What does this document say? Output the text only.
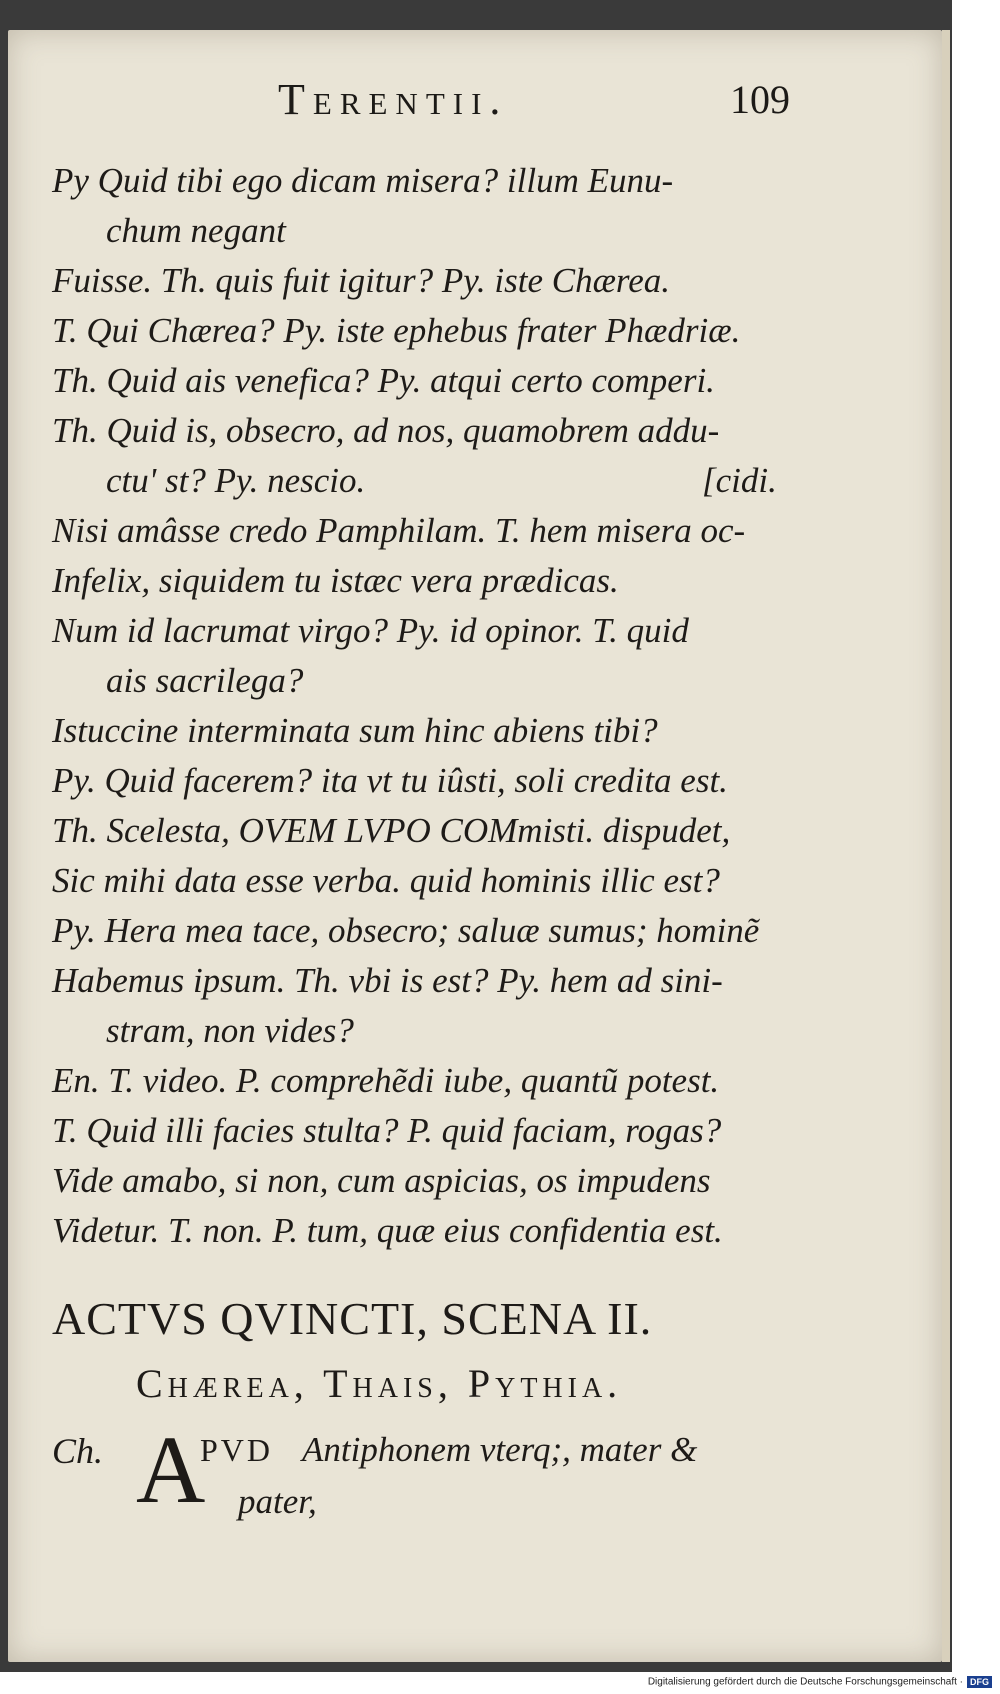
Terentii.	109
Py Quid tibi ego dicam misera? illum Eunu-
chum negant
Fuisse. Th. quis fuit igitur? Py. iste Chærea.
T. Qui Chærea? Py. iste ephebus frater Phædriæ.
Th. Quid ais venefica? Py. atqui certo comperi.
Th. Quid is, obsecro, ad nos, quamobrem addu-
ctu' st? Py. nescio.	[cidi.
Nisi amâsse credo Pamphilam. T. hem misera oc-
Infelix, siquidem tu istæc vera prædicas.
Num id lacrumat virgo? Py. id opinor. T. quid
ais sacrilega?
Istuccine interminata sum hinc abiens tibi?
Py. Quid facerem? ita vt tu iûsti, soli credita est.
Th. Scelesta, OVEM LVPO COMmisti. dispudet,
Sic mihi data esse verba. quid hominis illic est?
Py. Hera mea tace, obsecro; saluæ sumus; hominẽ
Habemus ipsum. Th. vbi is est? Py. hem ad sini-
stram, non vides?
En. T. video. P. comprehẽdi iube, quantũ potest.
T. Quid illi facies stulta? P. quid faciam, rogas?
Vide amabo, si non, cum aspicias, os impudens
Videtur. T. non. P. tum, quæ eius confidentia est.
ACTVS QVINCTI, SCENA II.
Chærea, Thais, Pythia.
Ch. A
PVD Antiphonem vterq;, mater &
pater,
Digitalisierung gefördert durch die Deutsche Forschungsgemeinschaft · DFG
